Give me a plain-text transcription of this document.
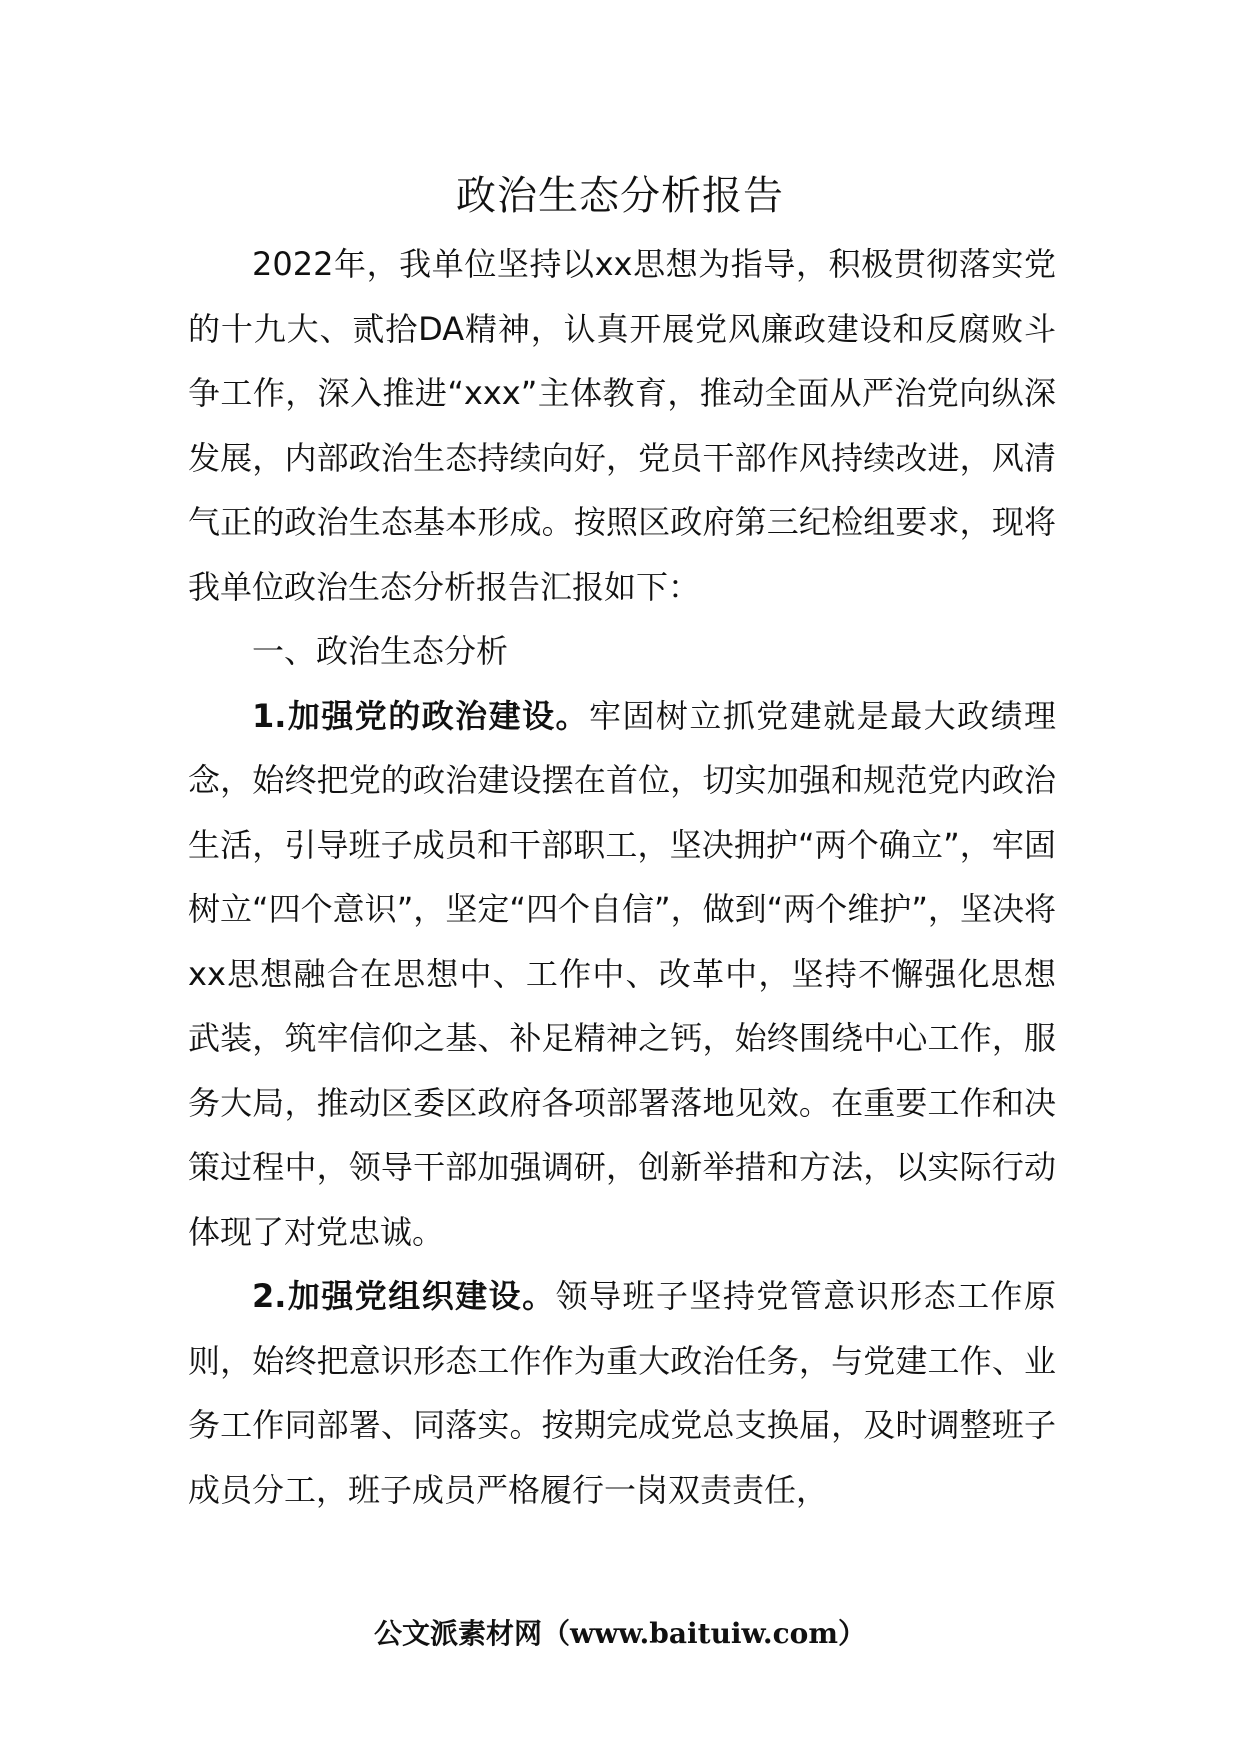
政治生态分析报告

2022年，我单位坚持以xx思想为指导，积极贯彻落实党的十九大、贰拾DA精神，认真开展党风廉政建设和反腐败斗争工作，深入推进“xxx”主体教育，推动全面从严治党向纵深发展，内部政治生态持续向好，党员干部作风持续改进，风清气正的政治生态基本形成。按照区政府第三纪检组要求，现将我单位政治生态分析报告汇报如下：

一、政治生态分析

1.加强党的政治建设。牢固树立抓党建就是最大政绩理念，始终把党的政治建设摆在首位，切实加强和规范党内政治生活，引导班子成员和干部职工，坚决拥护“两个确立”，牢固树立“四个意识”，坚定“四个自信”，做到“两个维护”，坚决将xx思想融合在思想中、工作中、改革中，坚持不懈强化思想武装，筑牢信仰之基、补足精神之钙，始终围绕中心工作，服务大局，推动区委区政府各项部署落地见效。在重要工作和决策过程中，领导干部加强调研，创新举措和方法，以实际行动体现了对党忠诚。

2.加强党组织建设。领导班子坚持党管意识形态工作原则，始终把意识形态工作作为重大政治任务，与党建工作、业务工作同部署、同落实。按期完成党总支换届，及时调整班子成员分工，班子成员严格履行一岗双责责任，

公文派素材网（www.baituiw.com）
